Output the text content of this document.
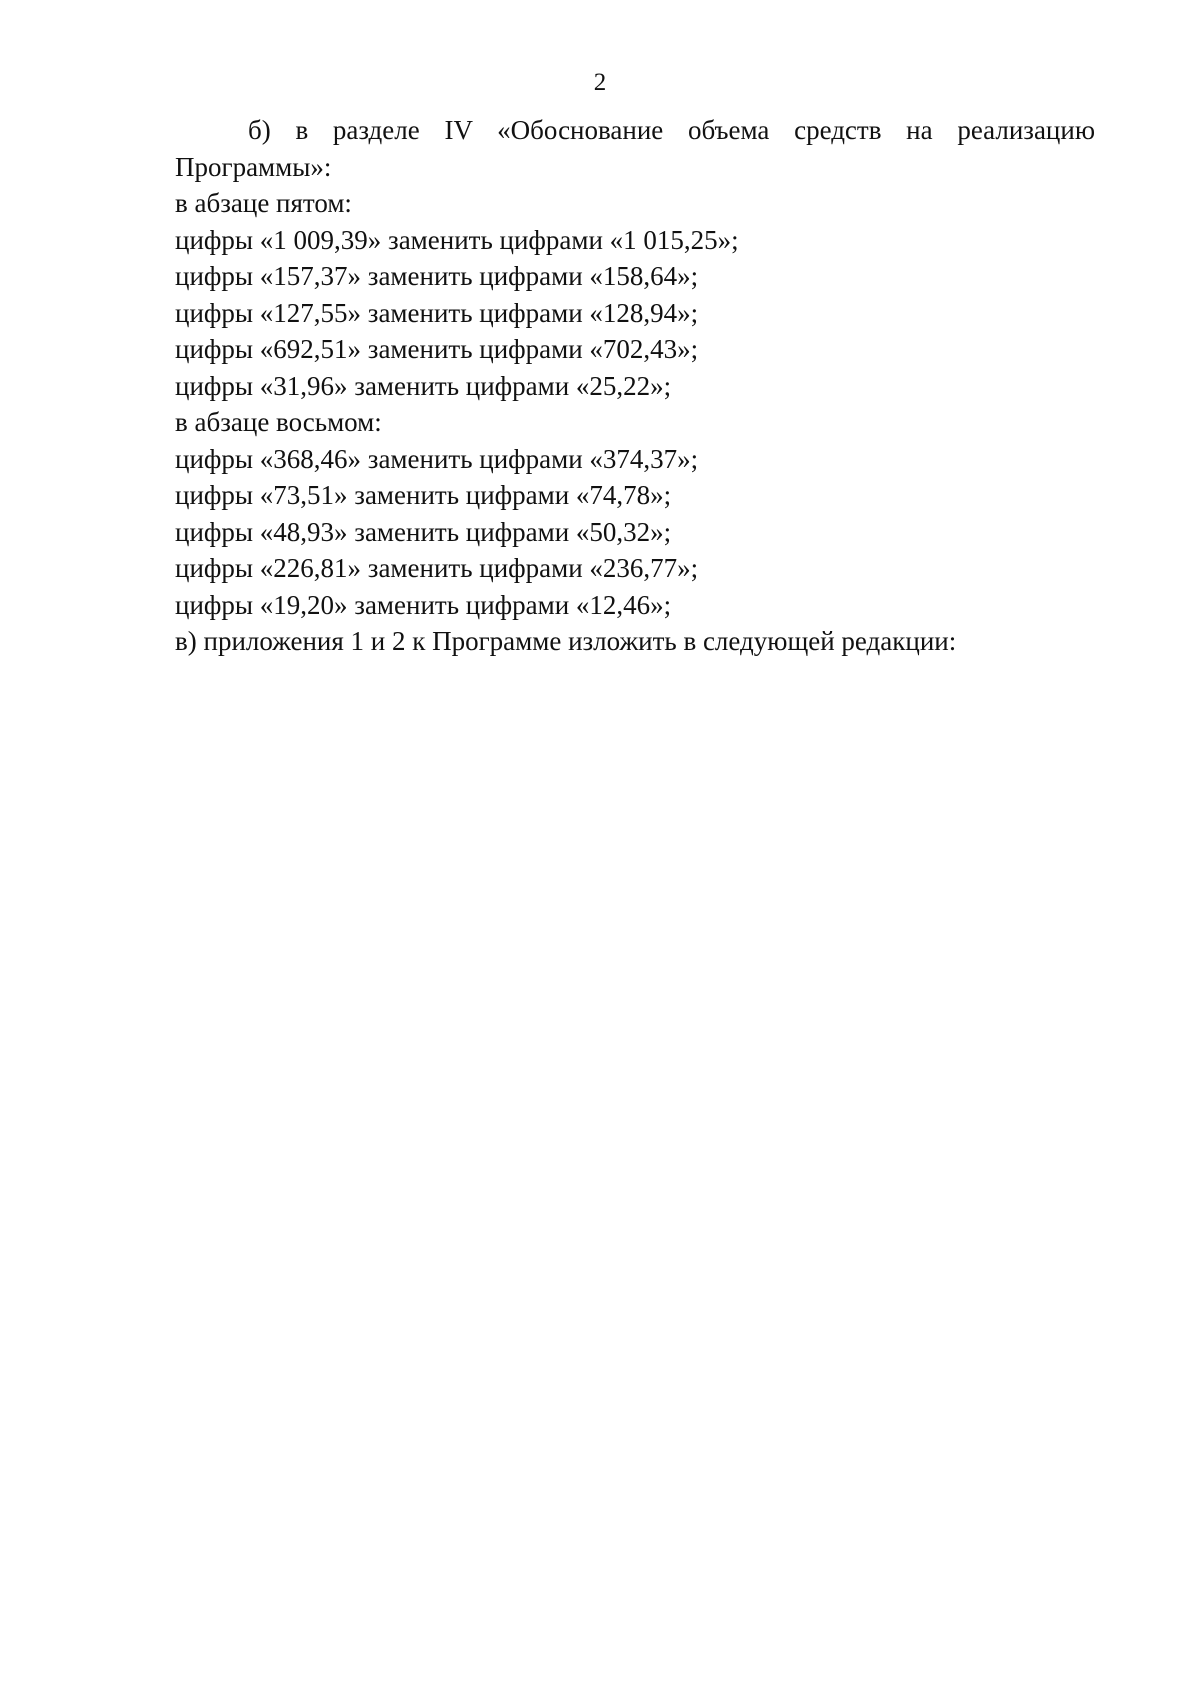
2

б) в разделе IV «Обоснование объема средств на реализацию Программы»:

в абзаце пятом:

цифры «1 009,39» заменить цифрами «1 015,25»;

цифры «157,37» заменить цифрами «158,64»;

цифры «127,55» заменить цифрами «128,94»;

цифры «692,51» заменить цифрами «702,43»;

цифры «31,96» заменить цифрами «25,22»;

в абзаце восьмом:

цифры «368,46» заменить цифрами «374,37»;

цифры «73,51» заменить цифрами «74,78»;

цифры «48,93» заменить цифрами «50,32»;

цифры «226,81» заменить цифрами «236,77»;

цифры «19,20» заменить цифрами «12,46»;

в) приложения 1 и 2 к Программе изложить в следующей редакции:
